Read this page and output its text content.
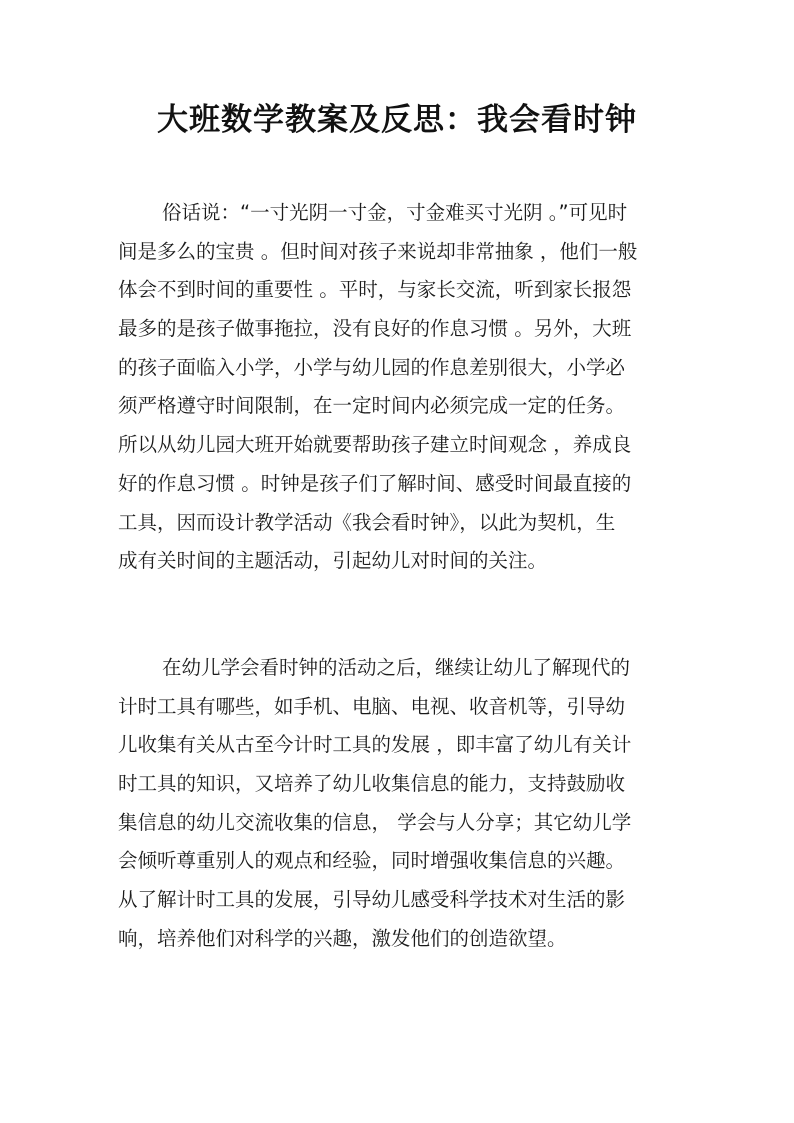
大班数学教案及反思：我会看时钟
俗话说：“一寸光阴一寸金，寸金难买寸光阴 。”可见时
间是多么的宝贵 。但时间对孩子来说却非常抽象 ，他们一般
体会不到时间的重要性 。平时，与家长交流，听到家长报怨
最多的是孩子做事拖拉，没有良好的作息习惯 。另外，大班
的孩子面临入小学，小学与幼儿园的作息差别很大，小学必
须严格遵守时间限制，在一定时间内必须完成一定的任务。
所以从幼儿园大班开始就要帮助孩子建立时间观念 ，养成良
好的作息习惯 。时钟是孩子们了解时间、感受时间最直接的
工具，因而设计教学活动《我会看时钟》，以此为契机，生
成有关时间的主题活动，引起幼儿对时间的关注。
在幼儿学会看时钟的活动之后，继续让幼儿了解现代的
计时工具有哪些，如手机、电脑、电视、收音机等，引导幼
儿收集有关从古至今计时工具的发展 ，即丰富了幼儿有关计
时工具的知识，又培养了幼儿收集信息的能力，支持鼓励收
集信息的幼儿交流收集的信息， 学会与人分享；其它幼儿学
会倾听尊重别人的观点和经验，同时增强收集信息的兴趣。
从了解计时工具的发展，引导幼儿感受科学技术对生活的影
响，培养他们对科学的兴趣，激发他们的创造欲望。
